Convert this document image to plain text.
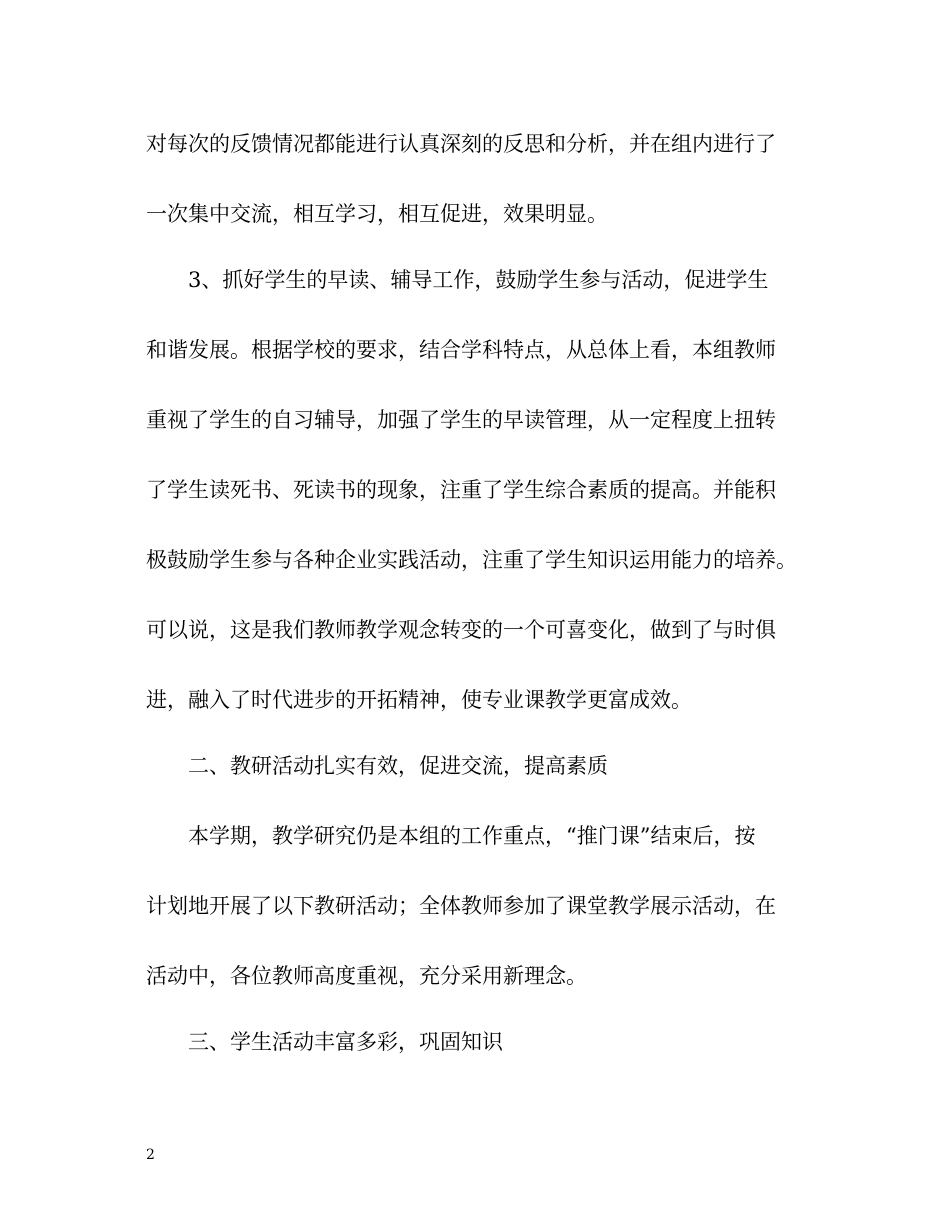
对每次的反馈情况都能进行认真深刻的反思和分析，并在组内进行了
一次集中交流，相互学习，相互促进，效果明显。
3、抓好学生的早读、辅导工作，鼓励学生参与活动，促进学生
和谐发展。根据学校的要求，结合学科特点，从总体上看，本组教师
重视了学生的自习辅导，加强了学生的早读管理，从一定程度上扭转
了学生读死书、死读书的现象，注重了学生综合素质的提高。并能积
极鼓励学生参与各种企业实践活动，注重了学生知识运用能力的培养。
可以说，这是我们教师教学观念转变的一个可喜变化，做到了与时俱
进，融入了时代进步的开拓精神，使专业课教学更富成效。
二、教研活动扎实有效，促进交流，提高素质
本学期，教学研究仍是本组的工作重点，“推门课”结束后，按
计划地开展了以下教研活动；全体教师参加了课堂教学展示活动，在
活动中，各位教师高度重视，充分采用新理念。
三、学生活动丰富多彩，巩固知识
2
